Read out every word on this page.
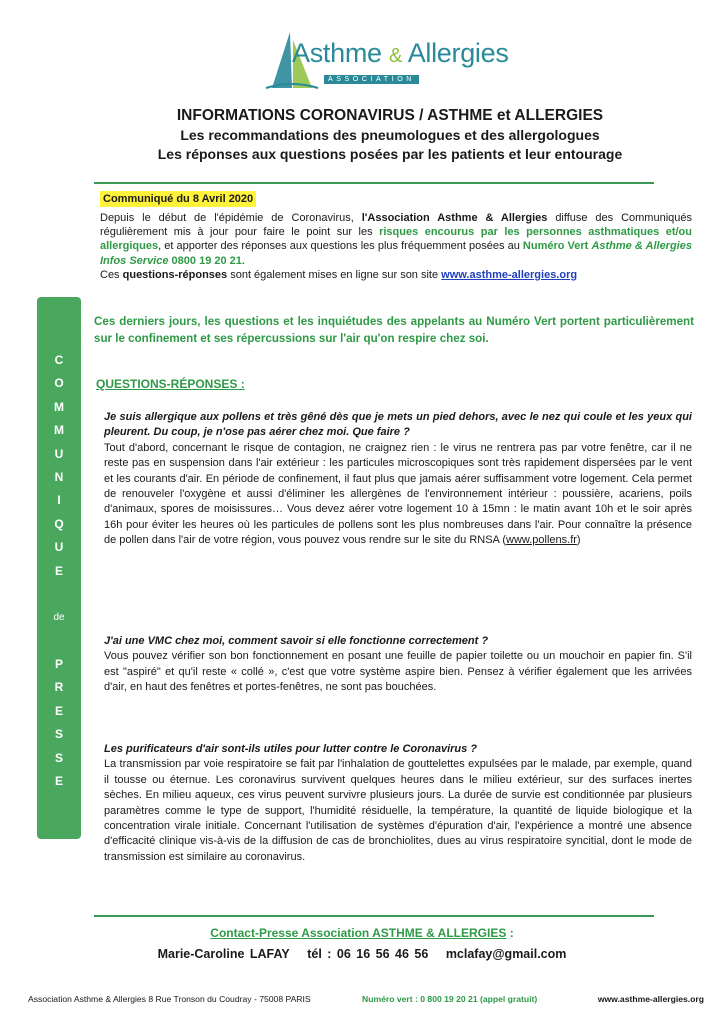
Asthme & Allergies
ASSOCIATION
INFORMATIONS CORONAVIRUS / ASTHME et ALLERGIES
Les recommandations des pneumologues et des allergologues
Les réponses aux questions posées par les patients et leur entourage
Communiqué du 8 Avril 2020
Depuis le début de l'épidémie de Coronavirus, l'Association Asthme & Allergies diffuse des Communiqués régulièrement mis à jour pour faire le point sur les risques encourus par les personnes asthmatiques et/ou allergiques, et apporter des réponses aux questions les plus fréquemment posées au Numéro Vert Asthme & Allergies Infos Service 0800 19 20 21.
Ces questions-réponses sont également mises en ligne sur son site www.asthme-allergies.org
Ces derniers jours, les questions et les inquiétudes des appelants au Numéro Vert portent particulièrement sur le confinement et ses répercussions sur l'air qu'on respire chez soi.
C
O
M
M
U
N
I
Q
U
E
de
P
R
E
S
S
E
QUESTIONS-RÉPONSES :
Je suis allergique aux pollens et très gêné dès que je mets un pied dehors, avec le nez qui coule et les yeux qui pleurent. Du coup, je n'ose pas aérer chez moi. Que faire ?
Tout d'abord, concernant le risque de contagion, ne craignez rien : le virus ne rentrera pas par votre fenêtre, car il ne reste pas en suspension dans l'air extérieur : les particules microscopiques sont très rapidement dispersées par le vent et les courants d'air. En période de confinement, il faut plus que jamais aérer suffisamment votre logement. Cela permet de renouveler l'oxygène et aussi d'éliminer les allergènes de l'environnement intérieur : poussière, acariens, poils d'animaux, spores de moisissures… Vous devez aérer votre logement 10 à 15mn : le matin avant 10h et le soir après 16h pour éviter les heures où les particules de pollens sont les plus nombreuses dans l'air. Pour connaître la présence de pollen dans l'air de votre région, vous pouvez vous rendre sur le site du RNSA (www.pollens.fr)
J'ai une VMC chez moi, comment savoir si elle fonctionne correctement ?
Vous pouvez vérifier son bon fonctionnement en posant une feuille de papier toilette ou un mouchoir en papier fin. S'il est "aspiré" et qu'il reste « collé », c'est que votre système aspire bien. Pensez à vérifier également que les arrivées d'air, en haut des fenêtres et portes-fenêtres, ne sont pas bouchées.
Les purificateurs d'air sont-ils utiles pour lutter contre le Coronavirus ?
La transmission par voie respiratoire se fait par l'inhalation de gouttelettes expulsées par le malade, par exemple, quand il tousse ou éternue. Les coronavirus survivent quelques heures dans le milieu extérieur, sur des surfaces inertes sèches. En milieu aqueux, ces virus peuvent survivre plusieurs jours. La durée de survie est conditionnée par plusieurs paramètres comme le type de support, l'humidité résiduelle, la température, la quantité de liquide biologique et la concentration virale initiale. Concernant l'utilisation de systèmes d'épuration d'air, l'expérience a montré une absence d'efficacité clinique vis-à-vis de la diffusion de cas de bronchiolites, dues au virus respiratoire syncitial, dont le mode de transmission est similaire au coronavirus.
Contact-Presse Association ASTHME & ALLERGIES :
Marie-Caroline LAFAY tél : 06 16 56 46 56 mclafay@gmail.com
Association Asthme & Allergies 8 Rue Tronson du Coudray - 75008 PARIS	Numéro vert : 0 800 19 20 21 (appel gratuit)	www.asthme-allergies.org
